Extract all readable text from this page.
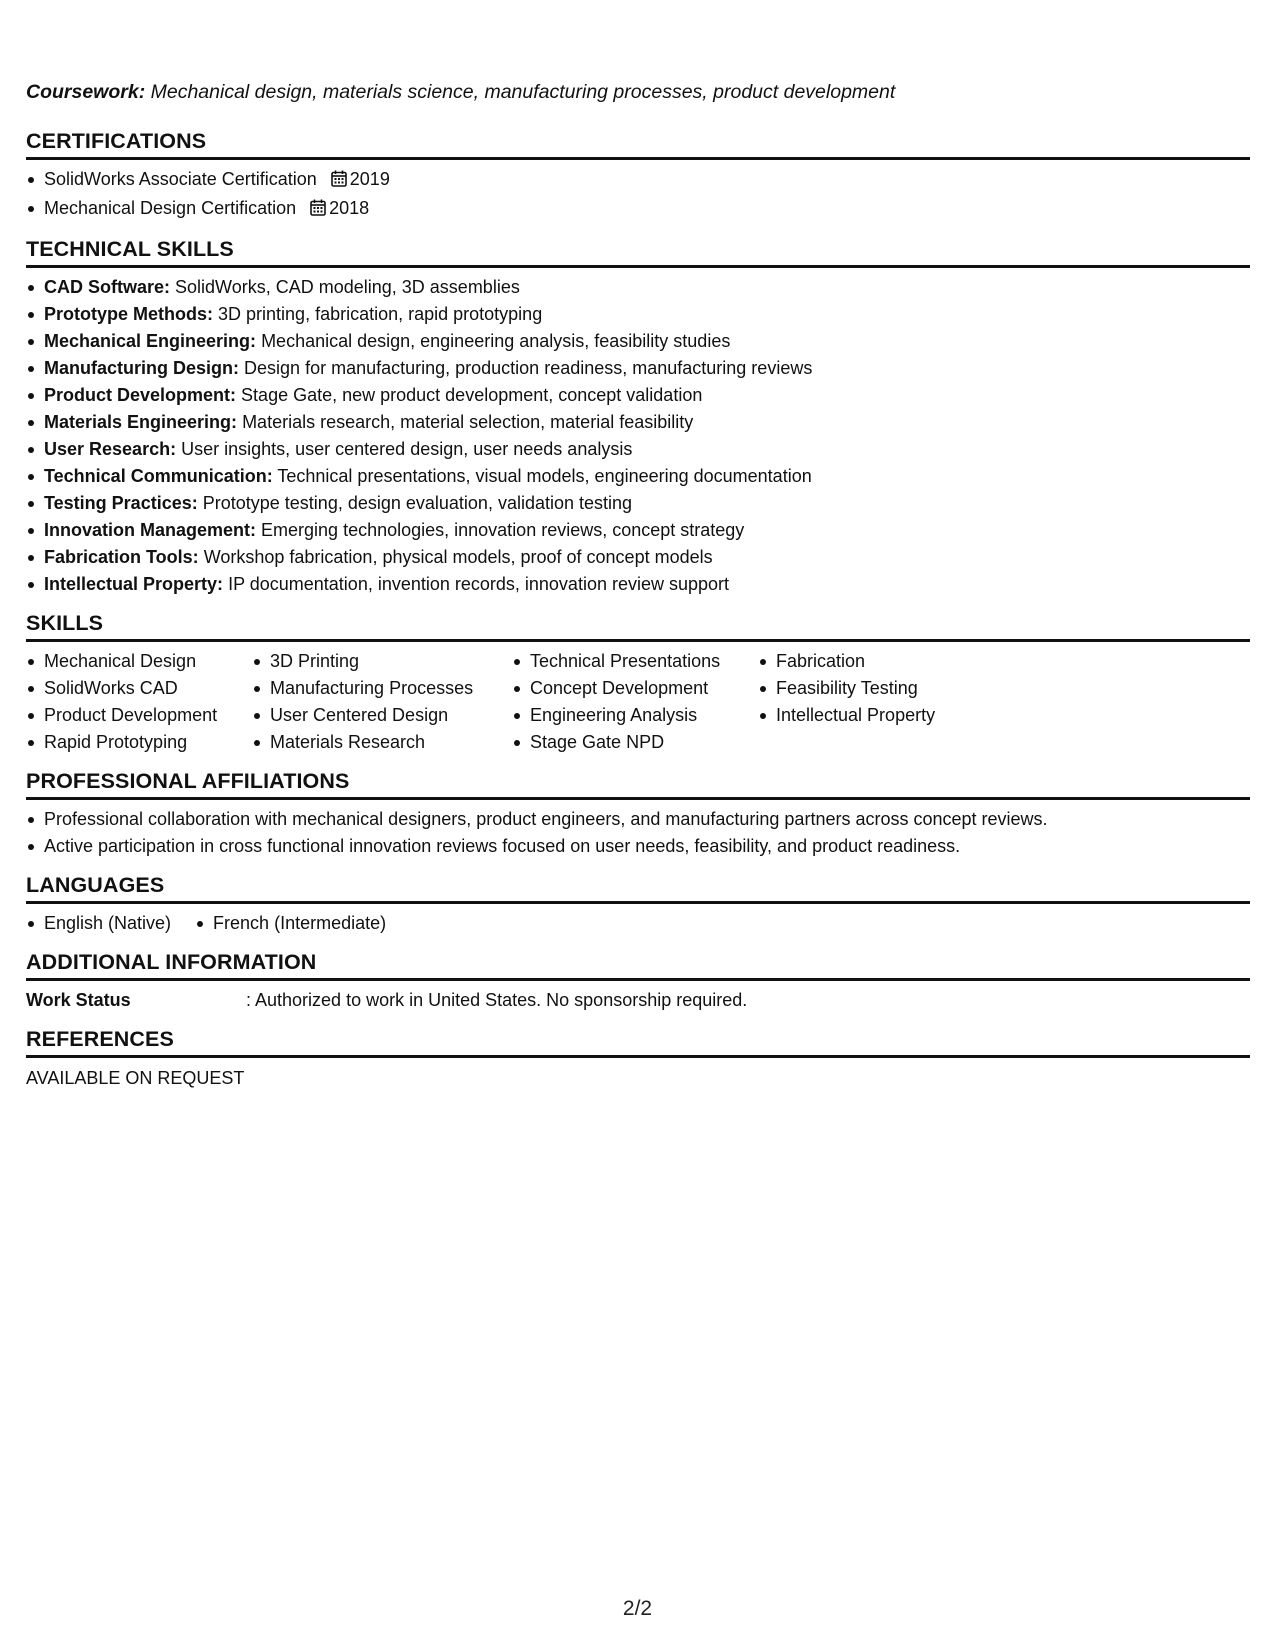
Coursework: Mechanical design, materials science, manufacturing processes, product development

CERTIFICATIONS
SolidWorks Associate Certification 2019
Mechanical Design Certification 2018
TECHNICAL SKILLS
CAD Software: SolidWorks, CAD modeling, 3D assemblies
Prototype Methods: 3D printing, fabrication, rapid prototyping
Mechanical Engineering: Mechanical design, engineering analysis, feasibility studies
Manufacturing Design: Design for manufacturing, production readiness, manufacturing reviews
Product Development: Stage Gate, new product development, concept validation
Materials Engineering: Materials research, material selection, material feasibility
User Research: User insights, user centered design, user needs analysis
Technical Communication: Technical presentations, visual models, engineering documentation
Testing Practices: Prototype testing, design evaluation, validation testing
Innovation Management: Emerging technologies, innovation reviews, concept strategy
Fabrication Tools: Workshop fabrication, physical models, proof of concept models
Intellectual Property: IP documentation, invention records, innovation review support
SKILLS
Mechanical Design
SolidWorks CAD
Product Development
Rapid Prototyping
3D Printing
Manufacturing Processes
User Centered Design
Materials Research
Technical Presentations
Concept Development
Engineering Analysis
Stage Gate NPD
Fabrication
Feasibility Testing
Intellectual Property
PROFESSIONAL AFFILIATIONS
Professional collaboration with mechanical designers, product engineers, and manufacturing partners across concept reviews.
Active participation in cross functional innovation reviews focused on user needs, feasibility, and product readiness.
LANGUAGES
English (Native)	French (Intermediate)
ADDITIONAL INFORMATION
Work Status	: Authorized to work in United States. No sponsorship required.
REFERENCES
AVAILABLE ON REQUEST
2/2
